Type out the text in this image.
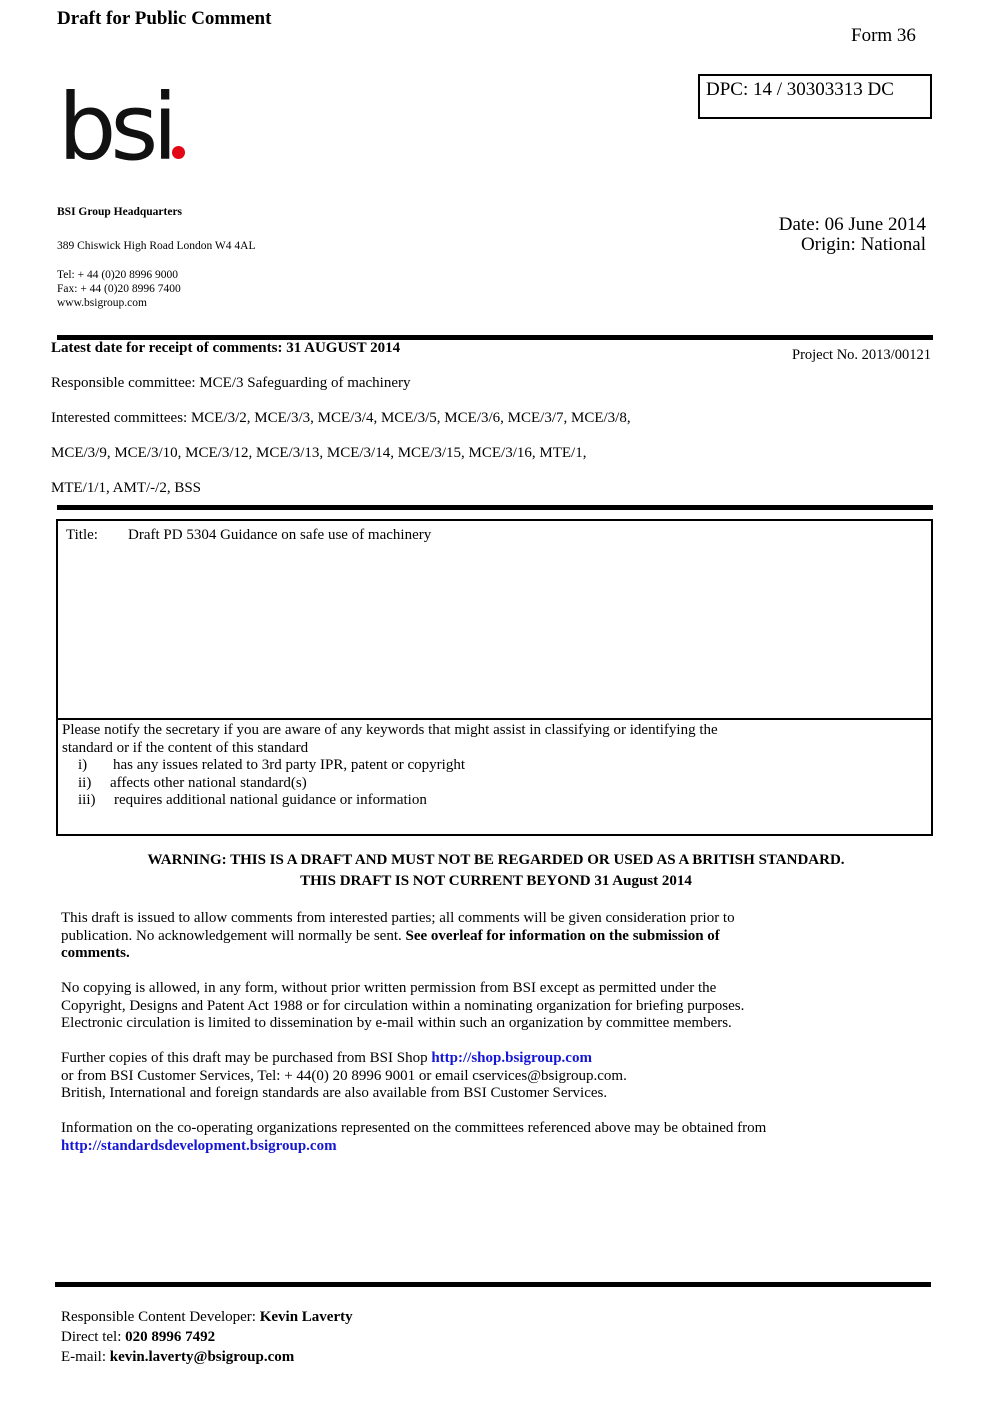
Draft for Public Comment
Form 36
DPC: 14 / 30303313 DC
bsi
BSI Group Headquarters
389 Chiswick High Road London W4 4AL
Tel: + 44 (0)20 8996 9000
Fax: + 44 (0)20 8996 7400
www.bsigroup.com
Date: 06 June 2014
Origin: National
Latest date for receipt of comments: 31 AUGUST 2014	Project No. 2013/00121
Responsible committee: MCE/3 Safeguarding of machinery
Interested committees: MCE/3/2, MCE/3/3, MCE/3/4, MCE/3/5, MCE/3/6, MCE/3/7, MCE/3/8,
MCE/3/9, MCE/3/10, MCE/3/12, MCE/3/13, MCE/3/14, MCE/3/15, MCE/3/16, MTE/1,
MTE/1/1, AMT/-/2, BSS
Title: Draft PD 5304 Guidance on safe use of machinery
Please notify the secretary if you are aware of any keywords that might assist in classifying or identifying the
standard or if the content of this standard
i) has any issues related to 3rd party IPR, patent or copyright
ii) affects other national standard(s)
iii) requires additional national guidance or information
WARNING: THIS IS A DRAFT AND MUST NOT BE REGARDED OR USED AS A BRITISH STANDARD.
THIS DRAFT IS NOT CURRENT BEYOND 31 August 2014
This draft is issued to allow comments from interested parties; all comments will be given consideration prior to
publication. No acknowledgement will normally be sent. See overleaf for information on the submission of
comments.
No copying is allowed, in any form, without prior written permission from BSI except as permitted under the
Copyright, Designs and Patent Act 1988 or for circulation within a nominating organization for briefing purposes.
Electronic circulation is limited to dissemination by e-mail within such an organization by committee members.
Further copies of this draft may be purchased from BSI Shop http://shop.bsigroup.com
or from BSI Customer Services, Tel: + 44(0) 20 8996 9001 or email cservices@bsigroup.com.
British, International and foreign standards are also available from BSI Customer Services.
Information on the co-operating organizations represented on the committees referenced above may be obtained from
http://standardsdevelopment.bsigroup.com
Responsible Content Developer: Kevin Laverty
Direct tel: 020 8996 7492
E-mail: kevin.laverty@bsigroup.com
